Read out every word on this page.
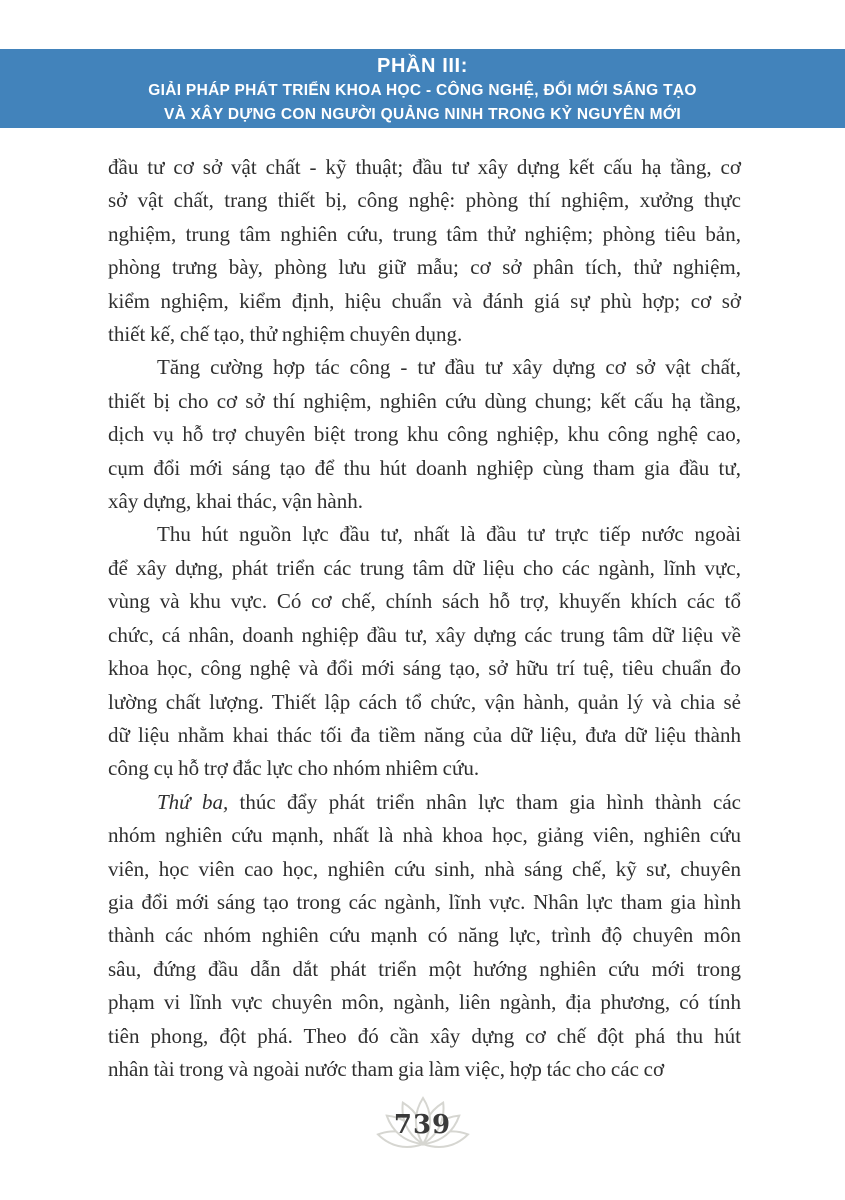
PHẦN III:
GIẢI PHÁP PHÁT TRIỂN KHOA HỌC - CÔNG NGHỆ, ĐỔI MỚI SÁNG TẠO
VÀ XÂY DỰNG CON NGƯỜI QUẢNG NINH TRONG KỶ NGUYÊN MỚI
đầu tư cơ sở vật chất - kỹ thuật; đầu tư xây dựng kết cấu hạ tầng, cơ
sở vật chất, trang thiết bị, công nghệ: phòng thí nghiệm, xưởng thực
nghiệm, trung tâm nghiên cứu, trung tâm thử nghiệm; phòng tiêu bản,
phòng trưng bày, phòng lưu giữ mẫu; cơ sở phân tích, thử nghiệm,
kiểm nghiệm, kiểm định, hiệu chuẩn và đánh giá sự phù hợp; cơ sở
thiết kế, chế tạo, thử nghiệm chuyên dụng.
Tăng cường hợp tác công - tư đầu tư xây dựng cơ sở vật chất,
thiết bị cho cơ sở thí nghiệm, nghiên cứu dùng chung; kết cấu hạ tầng,
dịch vụ hỗ trợ chuyên biệt trong khu công nghiệp, khu công nghệ cao,
cụm đổi mới sáng tạo để thu hút doanh nghiệp cùng tham gia đầu tư,
xây dựng, khai thác, vận hành.
Thu hút nguồn lực đầu tư, nhất là đầu tư trực tiếp nước ngoài
để xây dựng, phát triển các trung tâm dữ liệu cho các ngành, lĩnh vực,
vùng và khu vực. Có cơ chế, chính sách hỗ trợ, khuyến khích các tổ
chức, cá nhân, doanh nghiệp đầu tư, xây dựng các trung tâm dữ liệu về
khoa học, công nghệ và đổi mới sáng tạo, sở hữu trí tuệ, tiêu chuẩn đo
lường chất lượng. Thiết lập cách tổ chức, vận hành, quản lý và chia sẻ
dữ liệu nhằm khai thác tối đa tiềm năng của dữ liệu, đưa dữ liệu thành
công cụ hỗ trợ đắc lực cho nhóm nhiêm cứu.
Thứ ba, thúc đẩy phát triển nhân lực tham gia hình thành các
nhóm nghiên cứu mạnh, nhất là nhà khoa học, giảng viên, nghiên cứu
viên, học viên cao học, nghiên cứu sinh, nhà sáng chế, kỹ sư, chuyên
gia đổi mới sáng tạo trong các ngành, lĩnh vực. Nhân lực tham gia hình
thành các nhóm nghiên cứu mạnh có năng lực, trình độ chuyên môn
sâu, đứng đầu dẫn dắt phát triển một hướng nghiên cứu mới trong
phạm vi lĩnh vực chuyên môn, ngành, liên ngành, địa phương, có tính
tiên phong, đột phá. Theo đó cần xây dựng cơ chế đột phá thu hút
nhân tài trong và ngoài nước tham gia làm việc, hợp tác cho các cơ
739
